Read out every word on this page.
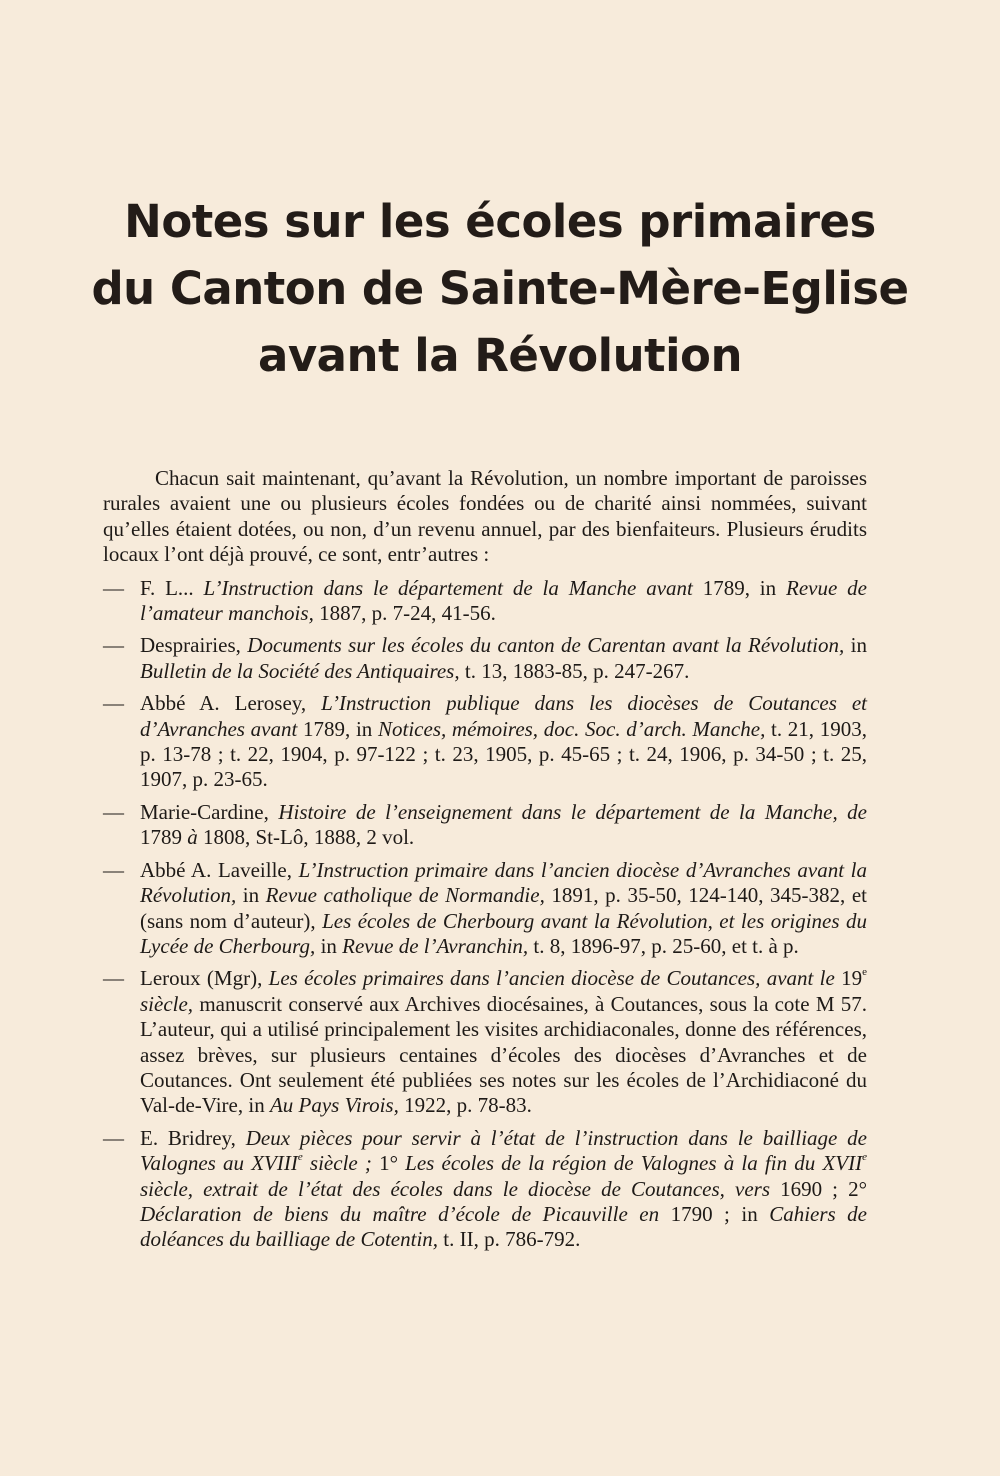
Notes sur les écoles primaires
du Canton de Sainte-Mère-Eglise
avant la Révolution

Chacun sait maintenant, qu’avant la Révolution, un nombre important de paroisses rurales avaient une ou plusieurs écoles fondées ou de charité ainsi nommées, suivant qu’elles étaient dotées, ou non, d’un revenu annuel, par des bienfaiteurs. Plusieurs érudits locaux l’ont déjà prouvé, ce sont, entr’autres :

— F. L... L’Instruction dans le département de la Manche avant 1789, in Revue de l’amateur manchois, 1887, p. 7-24, 41-56.
— Desprairies, Documents sur les écoles du canton de Carentan avant la Révolution, in Bulletin de la Société des Antiquaires, t. 13, 1883-85, p. 247-267.
— Abbé A. Lerosey, L’Instruction publique dans les diocèses de Coutances et d’Avranches avant 1789, in Notices, mémoires, doc. Soc. d’arch. Manche, t. 21, 1903, p. 13-78 ; t. 22, 1904, p. 97-122 ; t. 23, 1905, p. 45-65 ; t. 24, 1906, p. 34-50 ; t. 25, 1907, p. 23-65.
— Marie-Cardine, Histoire de l’enseignement dans le département de la Manche, de 1789 à 1808, St-Lô, 1888, 2 vol.
— Abbé A. Laveille, L’Instruction primaire dans l’ancien diocèse d’Avranches avant la Révolution, in Revue catholique de Normandie, 1891, p. 35-50, 124-140, 345-382, et (sans nom d’auteur), Les écoles de Cherbourg avant la Révolution, et les origines du Lycée de Cherbourg, in Revue de l’Avranchin, t. 8, 1896-97, p. 25-60, et t. à p.
— Leroux (Mgr), Les écoles primaires dans l’ancien diocèse de Coutances, avant le 19e siècle, manuscrit conservé aux Archives diocésaines, à Coutances, sous la cote M 57. L’auteur, qui a utilisé principalement les visites archidiaconales, donne des références, assez brèves, sur plusieurs centaines d’écoles des diocèses d’Avranches et de Coutances. Ont seulement été publiées ses notes sur les écoles de l’Archidiaconé du Val-de-Vire, in Au Pays Virois, 1922, p. 78-83.
— E. Bridrey, Deux pièces pour servir à l’état de l’instruction dans le bailliage de Valognes au XVIIIe siècle ; 1° Les écoles de la région de Valognes à la fin du XVIIe siècle, extrait de l’état des écoles dans le diocèse de Coutances, vers 1690 ; 2° Déclaration de biens du maître d’école de Picauville en 1790 ; in Cahiers de doléances du bailliage de Cotentin, t. II, p. 786-792.
